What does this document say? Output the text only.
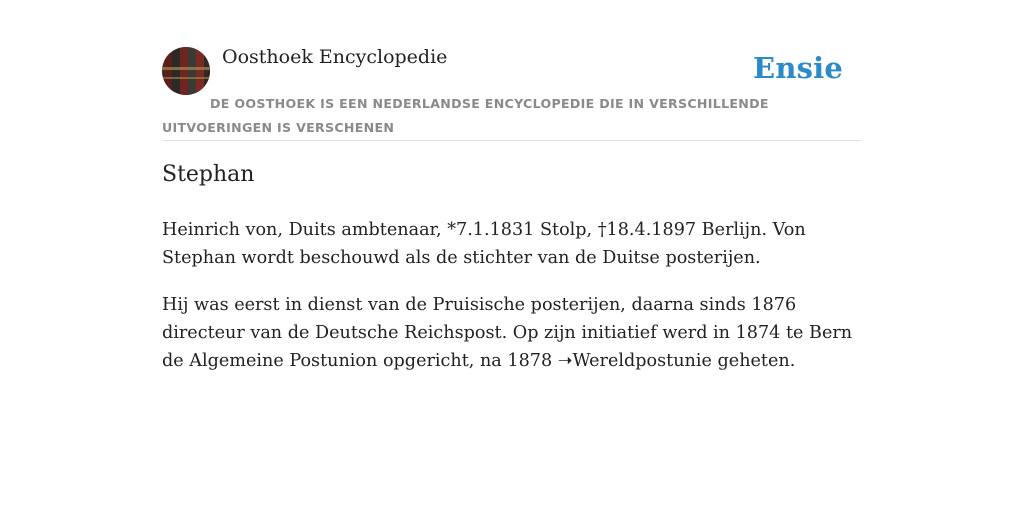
Oosthoek Encyclopedie	Ensie
DE OOSTHOEK IS EEN NEDERLANDSE ENCYCLOPEDIE DIE IN VERSCHILLENDE UITVOERINGEN IS VERSCHENEN
Stephan

Heinrich von, Duits ambtenaar, *7.1.1831 Stolp, †18.4.1897 Berlijn. Von Stephan wordt beschouwd als de stichter van de Duitse posterijen.

Hij was eerst in dienst van de Pruisische posterijen, daarna sinds 1876 directeur van de Deutsche Reichspost. Op zijn initiatief werd in 1874 te Bern de Algemeine Postunion opgericht, na 1878 ➝Wereldpostunie geheten.
